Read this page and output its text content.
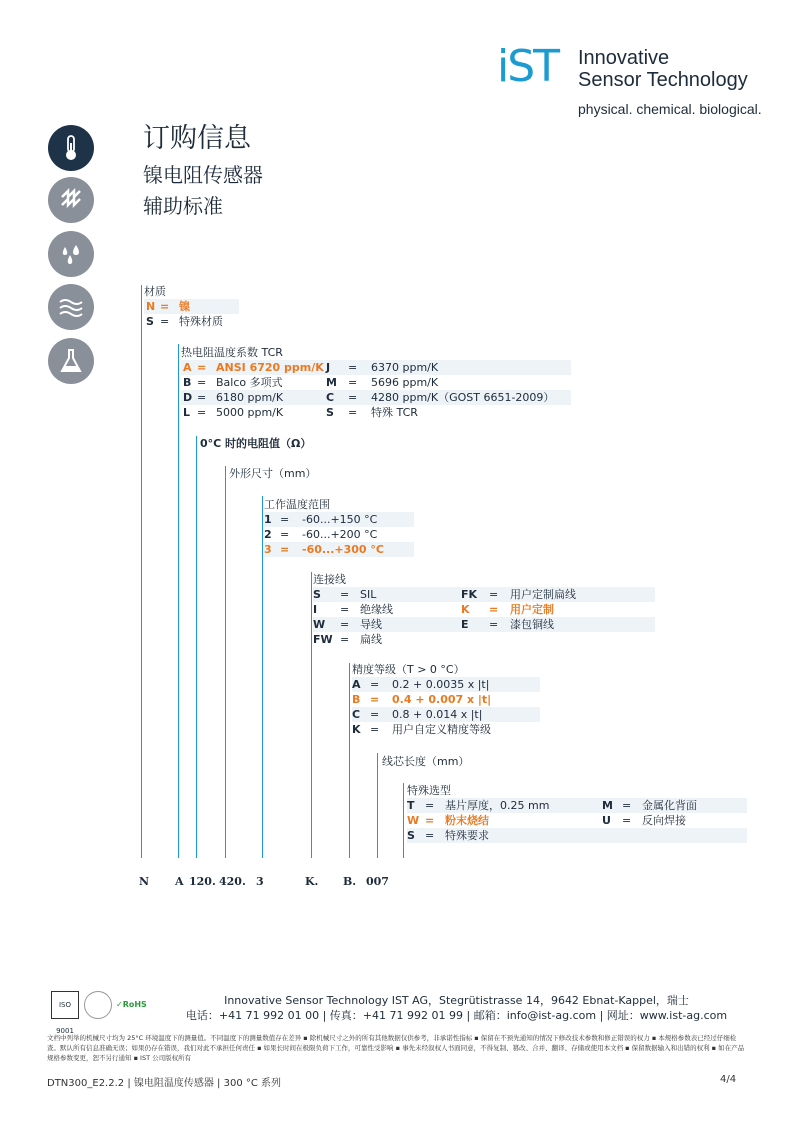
iST Innovative
Sensor Technology
physical. chemical. biological.
订购信息
镍电阻传感器
辅助标准
材质
N = 镍
S = 特殊材质
热电阻温度系数 TCR
A = ANSI 6720 ppm/K J = 6370 ppm/K
B = Balco 多项式	M = 5696 ppm/K
D = 6180 ppm/K	C = 4280 ppm/K（GOST 6651-2009）
L = 5000 ppm/K	S = 特殊 TCR
0°C 时的电阻值（Ω）
外形尺寸（mm）
工作温度范围
1 = -60...+150 °C
2 = -60...+200 °C
3 = -60...+300 °C
连接线
S = SIL	FK = 用户定制扁线
I = 绝缘线	K = 用户定制
W = 导线	E = 漆包铜线
FW = 扁线
精度等级（T > 0 °C）
A = 0.2 + 0.0035 x |t|
B = 0.4 + 0.007 x |t|
C = 0.8 + 0.014 x |t|
K = 用户自定义精度等级
线芯长度（mm）
特殊选型
T = 基片厚度，0.25 mm	M = 金属化背面
W = 粉末烧结	U = 反向焊接
S = 特殊要求
N A 120. 420. 3	K. B. 007
ISO 9001
✓RoHS	Innovative Sensor Technology IST AG，Stegrütistrasse 14，9642 Ebnat-Kappel，瑞士
电话：+41 71 992 01 00 | 传真：+41 71 992 01 99 | 邮箱：info@ist-ag.com | 网址：www.ist-ag.com
文档中列举的机械尺寸均为 25°C 环境温度下的测量值。不同温度下的测量数值存在差异 ▪ 除机械尺寸之外的所有其他数据仅供参考，非承诺性指标 ▪ 保留在不预先通知的情况下修改技术参数和修正错误的权力 ▪ 本规格参数表已经过仔细检查。默认所有信息准确无误；如果仍存在错误，我们对此不承担任何责任 ▪ 如果长时间在极限负荷下工作，可靠性受影响 ▪ 事先未经叙权人书面同意，不得复制、篡改、合并、翻译、存储或使用本文档 ▪ 保留数据输入和出错的权利 ▪ 如在产品规格参数变更，恕不另行通知 ▪ IST 公司版权所有
DTN300_E2.2.2 | 镍电阻温度传感器 | 300 °C 系列	4/4
